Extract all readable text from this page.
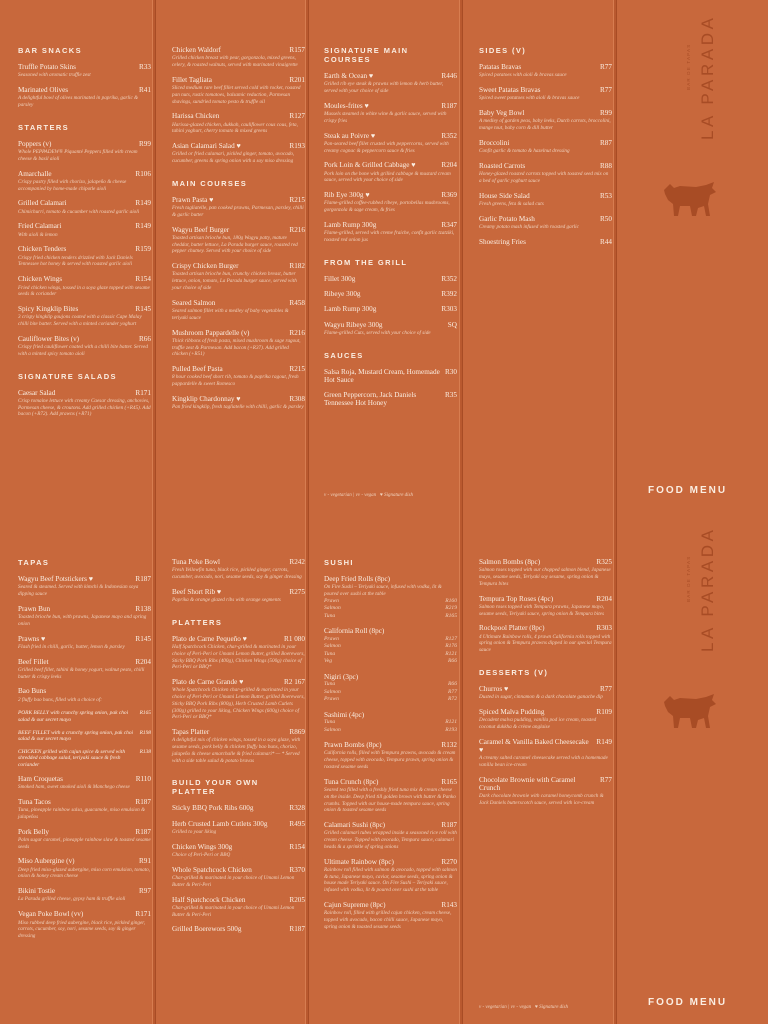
BAR SNACKS
Truffle Potato Skins	R33
Seasoned with aromatic truffle zest
Marinated Olives	R41
A delightful bowl of olives marinated in paprika, garlic & parsley
STARTERS
Poppers (v)	R99
Whole PEPPADEW® Piquanté Peppers filled with cream cheese & basil aioli
Amarchalle	R106
Crispy pastry filled with chorizo, jalapeño & cheese accompanied by home-made chipotle aioli
Grilled Calamari	R149
Chimichurri, tomato & cucumber with roasted garlic aioli
Fried Calamari	R149
With aioli & lemon
Chicken Tenders	R159
Crispy fried chicken tenders drizzled with Jack Daniels Tennessee hot honey & served with roasted garlic aioli
Chicken Wings	R154
Fried chicken wings, tossed in a soya glaze topped with sesame seeds & coriander
Spicy Kingklip Bites	R145
3 crispy kingklip goujons coated with a classic Cape Malay chilli bite batter. Served with a minted coriander yoghurt
Cauliflower Bites (v)	R66
Crispy fried cauliflower coated with a chilli bite batter. Served with a minted spicy tomato aioli
SIGNATURE SALADS
Caesar Salad	R171
Crisp romaine lettuce with creamy Caesar dressing, anchovies, Parmesan cheese, & croutons. Add grilled chicken (+R45). Add bacon (+R72). Add prawns (+R71)
Chicken Waldorf	R157
Grilled chicken breast with pear, gorgonzola, mixed greens, celery, & roasted walnuts, served with marinated vinaigrette
Fillet Tagliata	R201
Sliced medium rare beef fillet served cold with rocket, roasted pan nuts, rustic tomatoes, balsamic reduction, Parmesan shavings, sundried tomato pesto & truffle oil
Harissa Chicken	R127
Harissa-glazed chicken, dukkah, cauliflower cous cous, feta, tahini yoghurt, cherry tomato & mixed greens
Asian Calamari Salad ♥	R193
Grilled or fried calamari, pickled ginger, tomato, avocado, cucumber, greens & spring onion with a soy miso dressing
MAIN COURSES
Prawn Pasta ♥	R215
Fresh tagliatelle, pan cooked prawns, Parmesan, parsley, chilli & garlic butter
Wagyu Beef Burger	R216
Toasted artisan brioche bun, 180g Wagyu patty, mature cheddar, butter lettuce, La Parada burger sauce, roasted red pepper chutney. Served with your choice of side
Crispy Chicken Burger	R182
Toasted artisan brioche bun, crunchy chicken breast, butter lettuce, onion, tomato, La Parada burger sauce, served with your choice of side
Seared Salmon	R458
Seared salmon fillet with a medley of baby vegetables & teriyaki sauce
Mushroom Pappardelle (v)	R216
Thick ribbons of fresh pasta, mixed mushroom & sage ragout, truffle zest & Parmesan. Add bacon (+R37). Add grilled chicken (+R51)
Pulled Beef Pasta	R215
8 hour cooked beef short rib, tomato & paprika ragout, fresh pappardelle & sweet Romesco
Kingklip Chardonnay ♥	R308
Pan fried kingklip, fresh tagliatelle with chilli, garlic & parsley
SIGNATURE MAIN COURSES
Earth & Ocean ♥	R446
Grilled rib eye steak & prawns with lemon & herb butter, served with your choice of side
Moules-frites ♥	R187
Mussels steamed in white wine & garlic sauce, served with crispy fries
Steak au Poivre ♥	R352
Pan-seared beef fillet crusted with peppercorns, served with creamy cognac & peppercorn sauce & fries
Pork Loin & Grilled Cabbage ♥	R204
Pork loin on the bone with grilled cabbage & mustard cream sauce, served with your choice of side
Rib Eye 300g ♥	R369
Flame-grilled coffee-rubbed ribeye, portobellas mushrooms, gorgonzola & sage cream, & fries
Lamb Rump 300g	R347
Flame-grilled, served with creme fraiche, confit garlic tzatziki, roasted red onion jus
FROM THE GRILL
Fillet 300g	R352
Ribeye 300g	R392
Lamb Rump 300g	R303
Wagyu Ribeye 300g	SQ
Flame-grilled Cuts, served with your choice of side
SAUCES
Salsa Roja, Mustard Cream, Homemade Hot Sauce
R30
Green Peppercorn, Jack Daniels Tennessee Hot Honey
R35
v - vegetarian | vv - vegan ♥ Signature dish
SIDES (V)
Patatas Bravas	R77
Spiced potatoes with aioli & bravas sauce
Sweet Patatas Bravas	R77
Spiced sweet potatoes with aioli & bravas sauce
Baby Veg Bowl	R99
A medley of garden peas, baby leeks, Dutch carrots, broccolini, mange tout, baby corn & dill butter
Broccolini	R87
Confit garlic & tomato & hazelnut dressing
Roasted Carrots	R88
Honey-glazed roasted carrots topped with toasted seed mix on a bed of garlic yoghurt sauce
House Side Salad	R53
Fresh greens, feta & salad cuts
Garlic Potato Mash	R50
Creamy potato mash infused with roasted garlic
Shoestring Fries	R44
LA PARADA
BAR DE TAPAS
FOOD MENU
TAPAS
Wagyu Beef Potstickers ♥	R187
Seared & steamed. Served with kimchi & Indonesian soya dipping sauce
Prawn Bun	R138
Toasted brioche bun, with prawns, Japanese mayo and spring onion
Prawns ♥	R145
Flash fried in chilli, garlic, butter, lemon & parsley
Beef Fillet	R204
Grilled beef fillet, tahini & honey yogurt, walnut pesto, chilli butter & crispy leeks
Bao Buns
2 fluffy bao buns, filled with a choice of:
PORK BELLY with crunchy spring onion, pak choi salad & our secret mayo
R165
BEEF FILLET with a crunchy spring onion, pak choi salad & our secret mayo
R198
CHICKEN grilled with cajun spice & served with shredded cabbage salad, teriyaki sauce & fresh coriander
R138
Ham Croquetas	R110
Smoked ham, sweet smoked aioli & Manchego cheese
Tuna Tacos	R187
Tuna, pineapple rainbow salsa, guacamole, miso emulsion & jalapeños
Pork Belly	R187
Palm sugar caramel, pineapple rainbow slaw & toasted sesame seeds
Miso Aubergine (v)	R91
Deep fried miso-glazed aubergine, miso corn emulsion, tomato, onion & honey cream cheese
Bikini Tostie	R97
La Parada grilled cheese, gypsy ham & truffle aioli
Vegan Poke Bowl (vv)	R171
Miso rubbed deep fried aubergine, black rice, pickled ginger, carrots, cucumber, soy, nori, sesame seeds, soy & ginger dressing
Tuna Poke Bowl	R242
Fresh Yellowfin tuna, black rice, pickled ginger, carrots, cucumber, avocado, nori, sesame seeds, soy & ginger dressing
Beef Short Rib ♥	R275
Paprika & orange glazed ribs with orange segments
PLATTERS
Plato de Carne Pequeño ♥	R1 080
Half Spatchcock Chicken, char-grilled & marinated in your choice of Peri-Peri or Umami Lemon Butter, grilled Boerewors, Sticky BBQ Pork Ribs (400g), Chicken Wings (500g) choice of Peri-Peri or BBQ*
Plato de Carne Grande ♥	R2 167
Whole Spatchcock Chicken char-grilled & marinated in your choice of Peri-Peri or Umami Lemon Butter, grilled Boerewors, Sticky BBQ Pork Ribs (800g), Herb Crusted Lamb Cutlets (300g) grilled to your liking, Chicken Wings (600g) choice of Peri-Peri or BBQ*
Tapas Platter	R869
A delightful mix of chicken wings, tossed in a soya glaze, with sesame seeds, pork belly & chicken fluffy bao buns, chorizo, jalapeño & cheese amarchalle & fried calamari* — * Served with a side table salad & potato bravas
BUILD YOUR OWN PLATTER
Sticky BBQ Pork Ribs 600g	R328
Herb Crusted Lamb Cutlets 300g	R495
Grilled to your liking
Chicken Wings 300g	R154
Choice of Peri-Peri or BBQ
Whole Spatchcock Chicken	R370
Char-grilled & marinated in your choice of Umami Lemon Butter & Peri-Peri
Half Spatchcock Chicken	R205
Char-grilled & marinated in your choice of Umami Lemon Butter & Peri-Peri
Grilled Boerewors 500g	R187
SUSHI
Deep Fried Rolls (8pc)
On Fire Sushi – Teriyaki sauce, infused with vodka, lit & poured over sushi at the table
Prawn	R160
Salmon	R219
Tuna	R165
California Roll (8pc)
Prawn	R127
Salmon	R176
Tuna	R121
Veg	R66
Nigiri (3pc)
Tuna	R66
Salmon	R77
Prawn	R72
Sashimi (4pc)
Tuna	R121
Salmon	R193
Prawn Bombs (8pc)	R132
California rolls, filled with Tempura prawns, avocado & cream cheese, topped with avocado, Tempura prawn, spring onion & roasted sesame seeds
Tuna Crunch (8pc)	R165
Seared tea filled with a freshly fried tuna mix & cream cheese on the inside. Deep fried till golden brown with butter & Panko crumbs. Topped with our house-made tempura sauce, spring onion & toasted sesame seeds
Calamari Sushi (8pc)	R187
Grilled calamari tubes wrapped inside a seasoned rice roll with cream cheese. Topped with avocado, Tempura sauce, calamari heads & a sprinkle of spring onions
Ultimate Rainbow (8pc)	R270
Rainbow roll filled with salmon & avocado, topped with salmon & tuna, Japanese mayo, caviar, sesame seeds, spring onion & house made Teriyaki sauce. On Fire Sushi – Teriyaki sauce, infused with vodka, lit & poured over sushi at the table
Cajun Supreme (8pc)	R143
Rainbow roll, filled with grilled cajun chicken, cream cheese, topped with avocado, bacon chilli sauce, Japanese mayo, spring onion & toasted sesame seeds
Salmon Bombs (8pc)	R325
Salmon roses topped with our chopped salmon blend, Japanese mayo, sesame seeds, Teriyaki soy sesame, spring onion & Tempura bites
Tempura Top Roses (4pc)	R204
Salmon roses topped with Tempura prawns, Japanese mayo, sesame seeds, Teriyaki sauce, spring onion & Tempura bites
Rockpool Platter (8pc)	R303
4 Ultimate Rainbow rolls, 4 prawn California rolls topped with spring onion & Tempura prawns dipped in our special Tempura sauce
DESSERTS (V)
Churros ♥	R77
Dusted in sugar, cinnamon & a dark chocolate ganache dip
Spiced Malva Pudding	R109
Decadent malva pudding, vanilla pod ice cream, toasted coconut dukkha & crème anglaise
Caramel & Vanilla Baked Cheesecake ♥
R149
A creamy salted caramel cheesecake served with a homemade vanilla bean ice-cream
Chocolate Brownie with Caramel Crunch
R77
Dark chocolate brownie with caramel honeycomb crunch & Jack Daniels butterscotch sauce, served with ice-cream
v - vegetarian | vv - vegan ♥ Signature dish
LA PARADA
BAR DE TAPAS
FOOD MENU
